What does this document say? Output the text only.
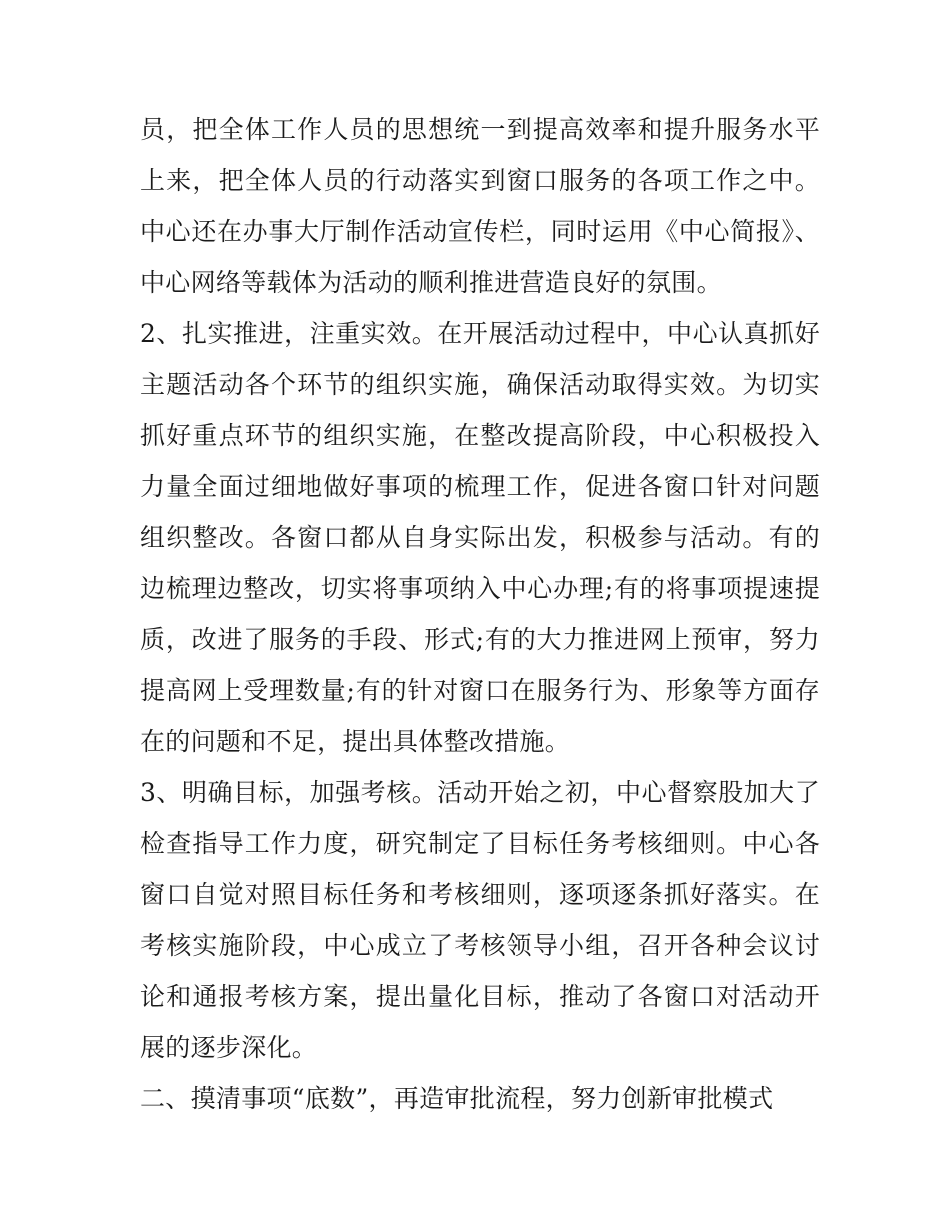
员，把全体工作人员的思想统一到提高效率和提升服务水平上来，把全体人员的行动落实到窗口服务的各项工作之中。中心还在办事大厅制作活动宣传栏，同时运用《中心简报》、中心网络等载体为活动的顺利推进营造良好的氛围。

2、扎实推进，注重实效。在开展活动过程中，中心认真抓好主题活动各个环节的组织实施，确保活动取得实效。为切实抓好重点环节的组织实施，在整改提高阶段，中心积极投入力量全面过细地做好事项的梳理工作，促进各窗口针对问题组织整改。各窗口都从自身实际出发，积极参与活动。有的边梳理边整改，切实将事项纳入中心办理;有的将事项提速提质，改进了服务的手段、形式;有的大力推进网上预审，努力提高网上受理数量;有的针对窗口在服务行为、形象等方面存在的问题和不足，提出具体整改措施。

3、明确目标，加强考核。活动开始之初，中心督察股加大了检查指导工作力度，研究制定了目标任务考核细则。中心各窗口自觉对照目标任务和考核细则，逐项逐条抓好落实。在考核实施阶段，中心成立了考核领导小组，召开各种会议讨论和通报考核方案，提出量化目标，推动了各窗口对活动开展的逐步深化。

二、摸清事项“底数”，再造审批流程，努力创新审批模式
